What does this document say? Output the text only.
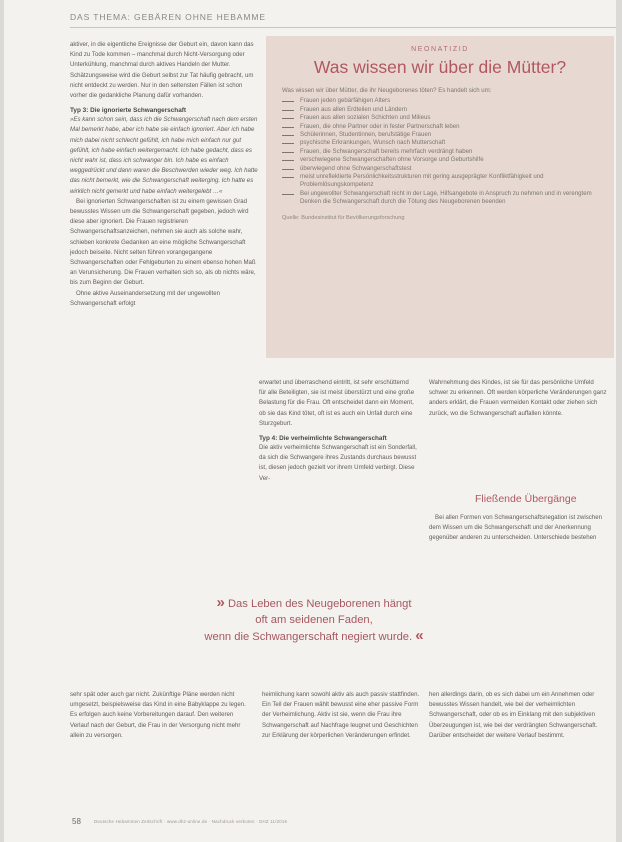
DAS THEMA: GEBÄREN OHNE HEBAMME

aktiver, in die eigentliche Ereignisse der Geburt ein, davon kann das Kind zu Tode kommen – manchmal durch Nicht-Versorgung oder Unterkühlung, manchmal durch aktives Handeln der Mutter. Schätzungsweise wird die Geburt selbst zur Tat häufig gebracht, um nicht entdeckt zu werden. Nur in den seltensten Fällen ist schon vorher die gedankliche Planung dafür vorhanden.

Typ 3: Die ignorierte Schwangerschaft

»Es kann schon sein, dass ich die Schwangerschaft nach dem ersten Mal bemerkt habe, aber ich habe sie einfach ignoriert. Aber ich habe mich dabei nicht schlecht gefühlt, ich habe mich einfach nur gut gefühlt, ich habe einfach weitergemacht. Ich habe gedacht, dass es nicht wahr ist, dass ich schwanger bin. Ich habe es einfach weggedrückt und dann waren die Beschwerden wieder weg. Ich hatte das nicht bemerkt, wie die Schwangerschaft weiterging. Ich hatte es wirklich nicht gemerkt und habe einfach weitergelebt …«

Bei ignorierten Schwangerschaften ist zu einem gewissen Grad bewusstes Wissen um die Schwangerschaft gegeben, jedoch wird diese aber ignoriert. Die Frauen registrieren Schwangerschaftsanzeichen, nehmen sie auch als solche wahr, schieben konkrete Gedanken an eine mögliche Schwangerschaft jedoch beiseite. Nicht selten führen vorangegangene Schwangerschaften oder Fehlgeburten zu einem ebenso hohen Maß an Verunsicherung. Die Frauen verhalten sich so, als ob nichts wäre, bis zum Beginn der Geburt.

Ohne aktive Auseinandersetzung mit der ungewollten Schwangerschaft erfolgt

NEONATIZID
Was wissen wir über die Mütter?
Was wissen wir über Mütter, die ihr Neugeborenes töten? Es handelt sich um:
Frauen jeden gebärfähigen Alters
Frauen aus allen Erdteilen und Ländern
Frauen aus allen sozialen Schichten und Milieus
Frauen, die ohne Partner oder in fester Partnerschaft leben
Schülerinnen, Studentinnen, berufstätige Frauen
psychische Erkrankungen, Wunsch nach Mutterschaft
Frauen, die Schwangerschaft bereits mehrfach verdrängt haben
verschwiegene Schwangerschaften ohne Vorsorge und Geburtshilfe
überwiegend ohne Schwangerschaftstest
meist unreflektierte Persönlichkeitsstrukturen mit gering ausgeprägter Konfliktfähigkeit und Problemlösungskompetenz
Bei ungewollter Schwangerschaft nicht in der Lage, Hilfsangebote in Anspruch zu nehmen und in verengtem Denken die Schwangerschaft durch die Tötung des Neugeborenen beenden
Quelle: Bundesinstitut für Bevölkerungsforschung

erwartet und überraschend eintritt, ist sehr erschütternd für alle Beteiligten, sie ist meist überstürzt und eine große Belastung für die Frau. Oft entscheidet dann ein Moment, ob sie das Kind tötet, oft ist es auch ein Unfall durch eine Sturzgeburt.

Typ 4: Die verheimlichte Schwangerschaft

Die aktiv verheimlichte Schwangerschaft ist ein Sonderfall, da sich die Schwangere ihres Zustands durchaus bewusst ist, diesen jedoch gezielt vor ihrem Umfeld verbirgt. Diese Ver-

Wahrnehmung des Kindes, ist sie für das persönliche Umfeld schwer zu erkennen. Oft werden körperliche Veränderungen ganz anders erklärt, die Frauen vermeiden Kontakt oder ziehen sich zurück, wo die Schwangerschaft auffallen könnte.

Fließende Übergänge

Bei allen Formen von Schwangerschaftsnegation ist zwischen dem Wissen um die Schwangerschaft und der Anerkennung gegenüber anderen zu unterscheiden. Unterschiede bestehen

» Das Leben des Neugeborenen hängt
oft am seidenen Faden,
wenn die Schwangerschaft negiert wurde. «

sehr spät oder auch gar nicht. Zukünftige Pläne werden nicht umgesetzt, beispielsweise das Kind in eine Babyklappe zu legen. Es erfolgen auch keine Vorbereitungen darauf. Den weiteren Verlauf nach der Geburt, die Frau in der Versorgung nicht mehr allein zu versorgen.

heimlichung kann sowohl aktiv als auch passiv stattfinden. Ein Teil der Frauen wählt bewusst eine eher passive Form der Verheimlichung. Aktiv ist sie, wenn die Frau ihre Schwangerschaft auf Nachfrage leugnet und Geschichten zur Erklärung der körperlichen Veränderungen erfindet.

hen allerdings darin, ob es sich dabei um ein Annehmen oder bewusstes Wissen handelt, wie bei der verheimlichten Schwangerschaft, oder ob es im Einklang mit den subjektiven Überzeugungen ist, wie bei der verdrängten Schwangerschaft. Darüber entscheidet der weitere Verlauf bestimmt.

58	Deutsche Hebammen Zeitschrift · www.dhz-online.de · Nachdruck verboten · DHZ 11/2016
